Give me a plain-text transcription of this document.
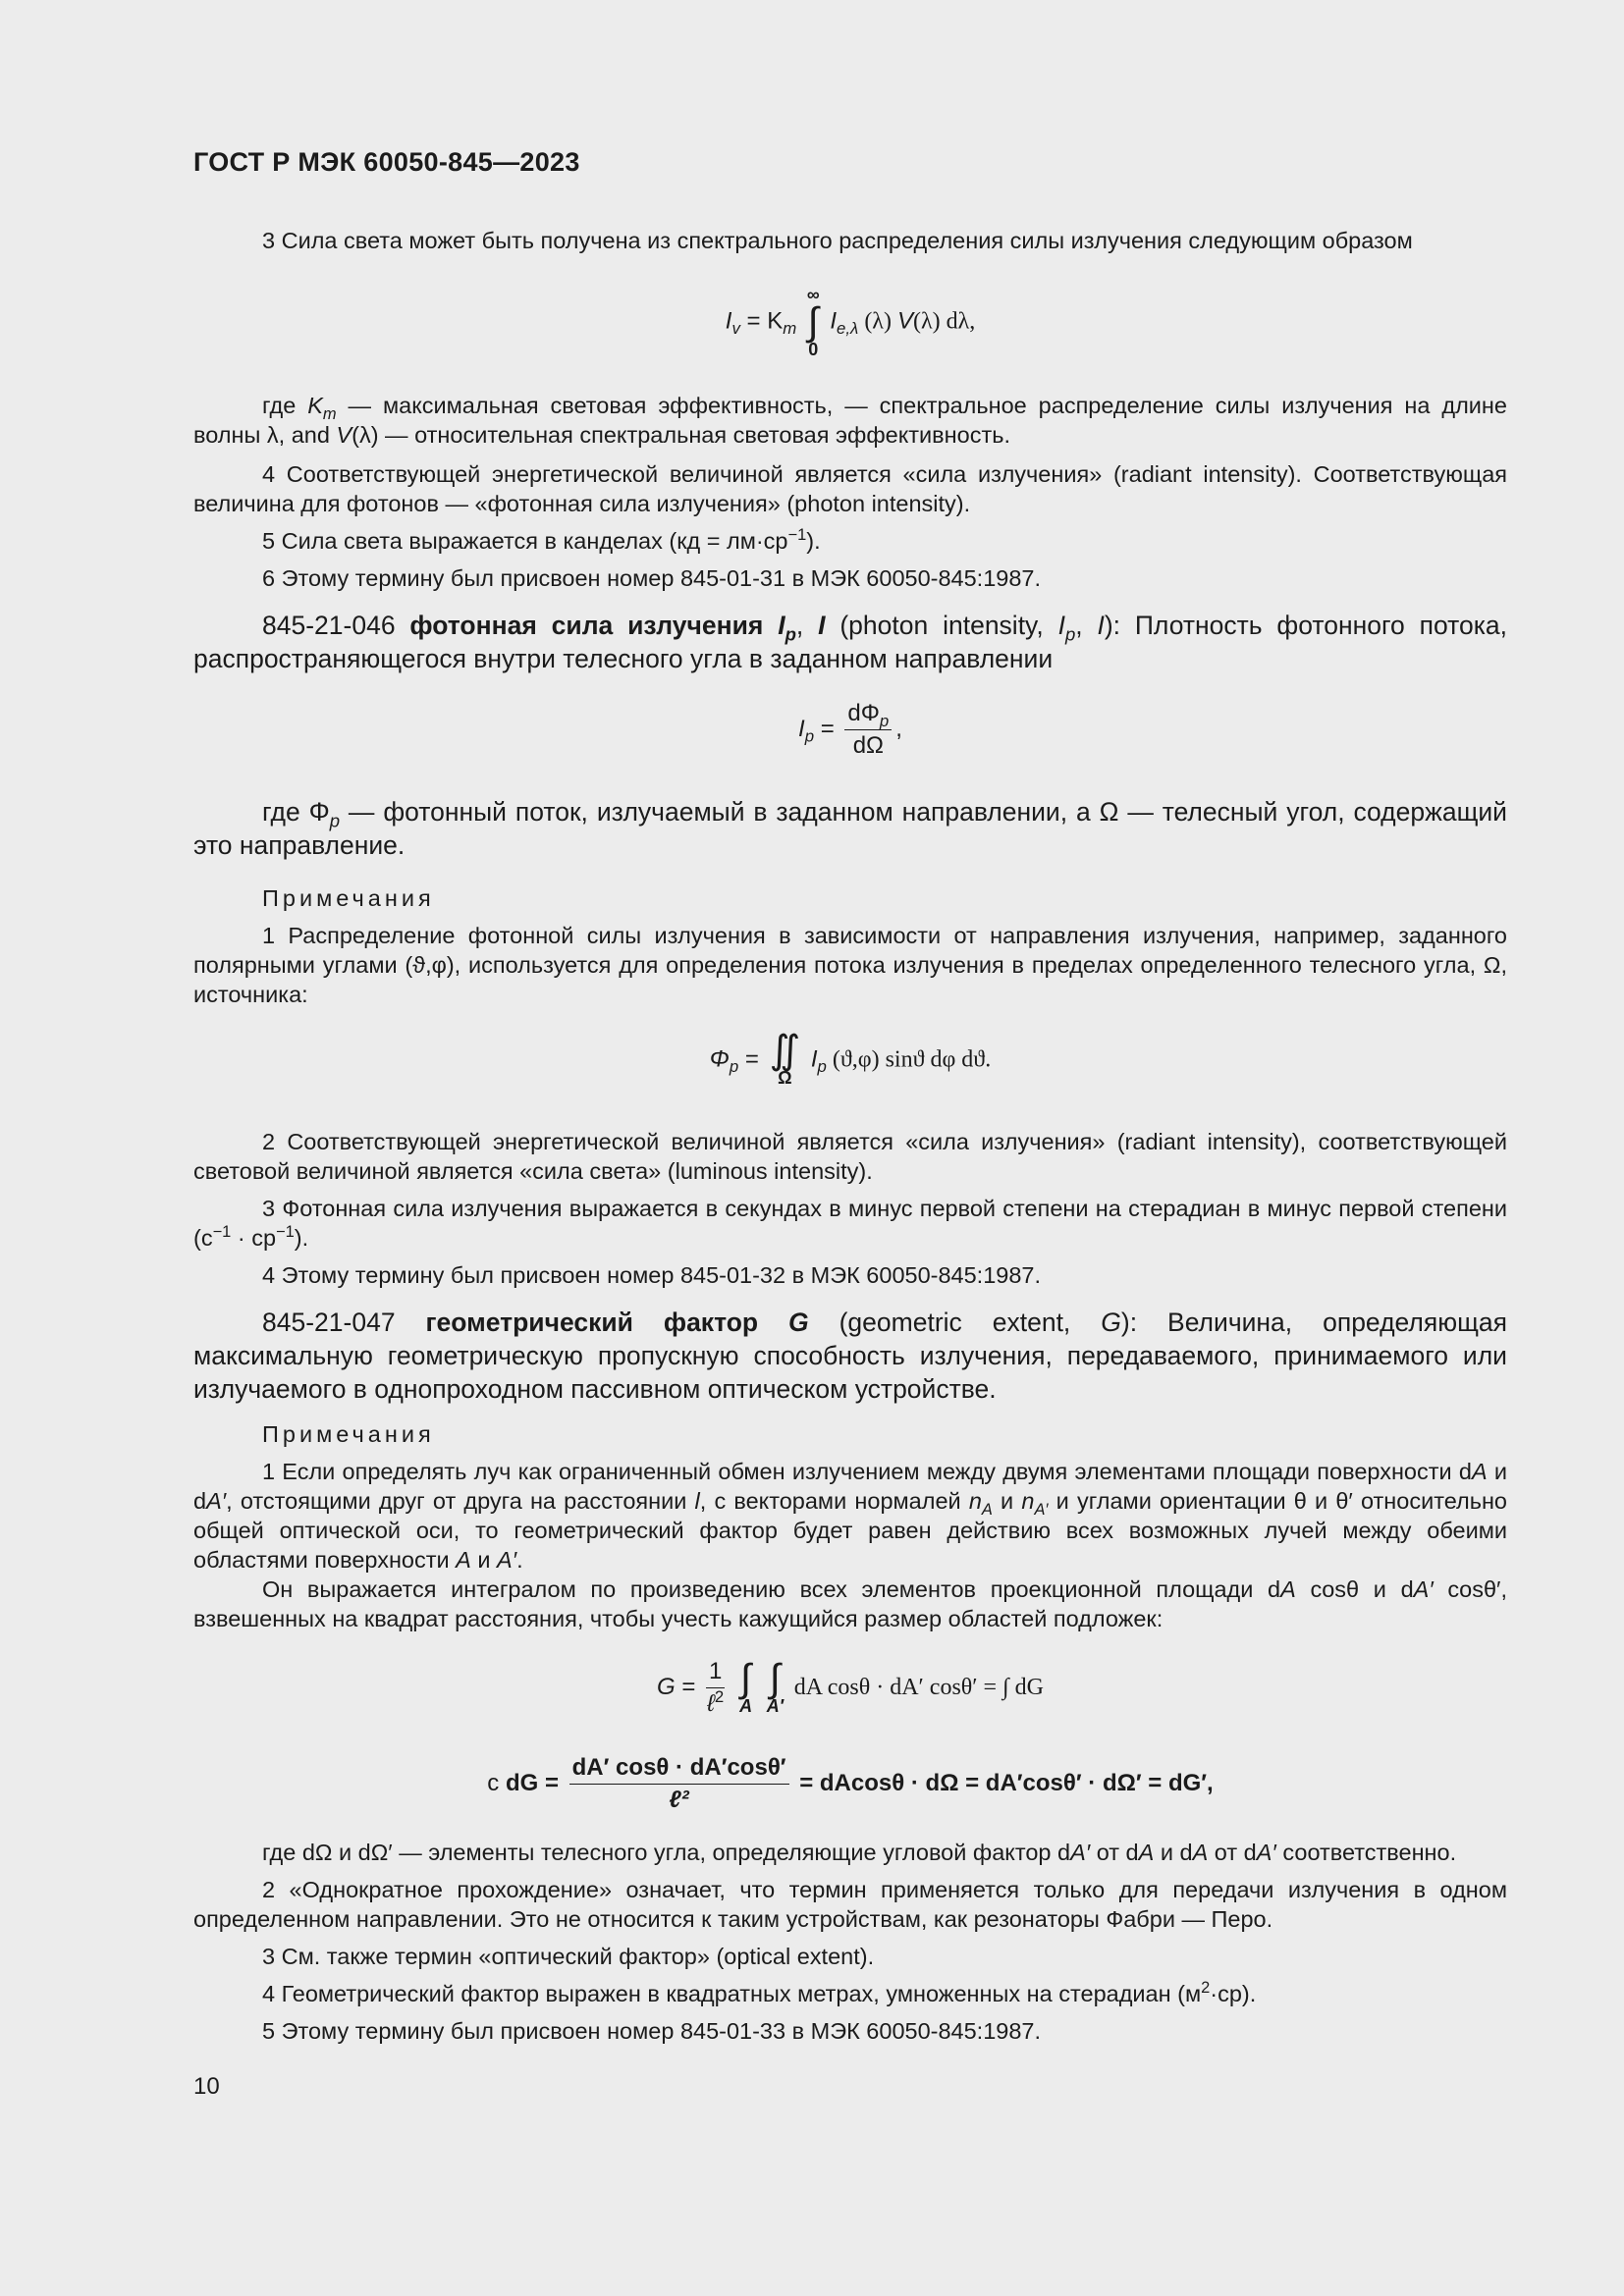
ГОСТ Р МЭК 60050-845—2023
3 Сила света может быть получена из спектрального распределения силы излучения следующим образом
$I_v = K_m$
∞
∫
0
$I_{e,\lambda}$ (λ) V(λ) dλ,
где $K_m$ — максимальная световая эффективность, — спектральное распределение силы излучения на длине волны λ, and V(λ) — относительная спектральная световая эффективность.
4 Соответствующей энергетической величиной является «сила излучения» (radiant intensity). Соответствующая величина для фотонов — «фотонная сила излучения» (photon intensity).
5 Сила света выражается в канделах $(кд = лм\cdot ср^{-1})$.
6 Этому термину был присвоен номер 845-01-31 в МЭК 60050-845:1987.
845-21-046 фотонная сила излучения $I_p$, I (photon intensity, $I_p$, I): Плотность фотонного потока, распространяющегося внутри телесного угла в заданном направлении
$I_p = \frac{d\Phi_p}{d\Omega}$ ,
где $\Phi_p$ — фотонный поток, излучаемый в заданном направлении, а Ω — телесный угол, содержащий это направление.
Примечания
1 Распределение фотонной силы излучения в зависимости от направления излучения, например, заданного полярными углами (ϑ,φ), используется для определения потока излучения в пределах определенного телесного угла, Ω, источника:
$\Phi_p$ = ∬
Ω
$I_p$ (ϑ,φ) sinϑ dφ dϑ.
2 Соответствующей энергетической величиной является «сила излучения» (radiant intensity), соответствующей световой величиной является «сила света» (luminous intensity).
3 Фотонная сила излучения выражается в секундах в минус первой степени на стерадиан в минус первой степени $(с^{-1} \cdot ср^{-1})$.
4 Этому термину был присвоен номер 845-01-32 в МЭК 60050-845:1987.
845-21-047 геометрический фактор G (geometric extent, G): Величина, определяющая максимальную геометрическую пропускную способность излучения, передаваемого, принимаемого или излучаемого в однопроходном пассивном оптическом устройстве.
Примечания
1 Если определять луч как ограниченный обмен излучением между двумя элементами площади поверхности dA и dA′, отстоящими друг от друга на расстоянии l, с векторами нормалей $n_A$ и $n_{A'}$ и углами ориентации θ и θ′ относительно общей оптической оси, то геометрический фактор будет равен действию всех возможных лучей между обеими областями поверхности A и A′.
Он выражается интегралом по произведению всех элементов проекционной площади dA cosθ и dA′ cosθ′, взвешенных на квадрат расстояния, чтобы учесть кажущийся размер областей подложек:
$G = \frac{1}{\ell^2}$ ∫
A
∫
A′
dA cosθ · dA′ cosθ′ = ∫ dG
с dG = $\frac{dA' \cos\theta \cdot dA'\cos\theta'}{\text{ℓ²}} = dAcos\theta \cdot d\Omega = dA'\cos\theta' \cdot d\Omega' = dG'$,
где dΩ и dΩ′ — элементы телесного угла, определяющие угловой фактор dA′ от dA и dA от dA′ соответственно.
2 «Однократное прохождение» означает, что термин применяется только для передачи излучения в одном определенном направлении. Это не относится к таким устройствам, как резонаторы Фабри — Перо.
3 См. также термин «оптический фактор» (optical extent).
4 Геометрический фактор выражен в квадратных метрах, умноженных на стерадиан $(м^2\cdot ср)$.
5 Этому термину был присвоен номер 845-01-33 в МЭК 60050-845:1987.
10
